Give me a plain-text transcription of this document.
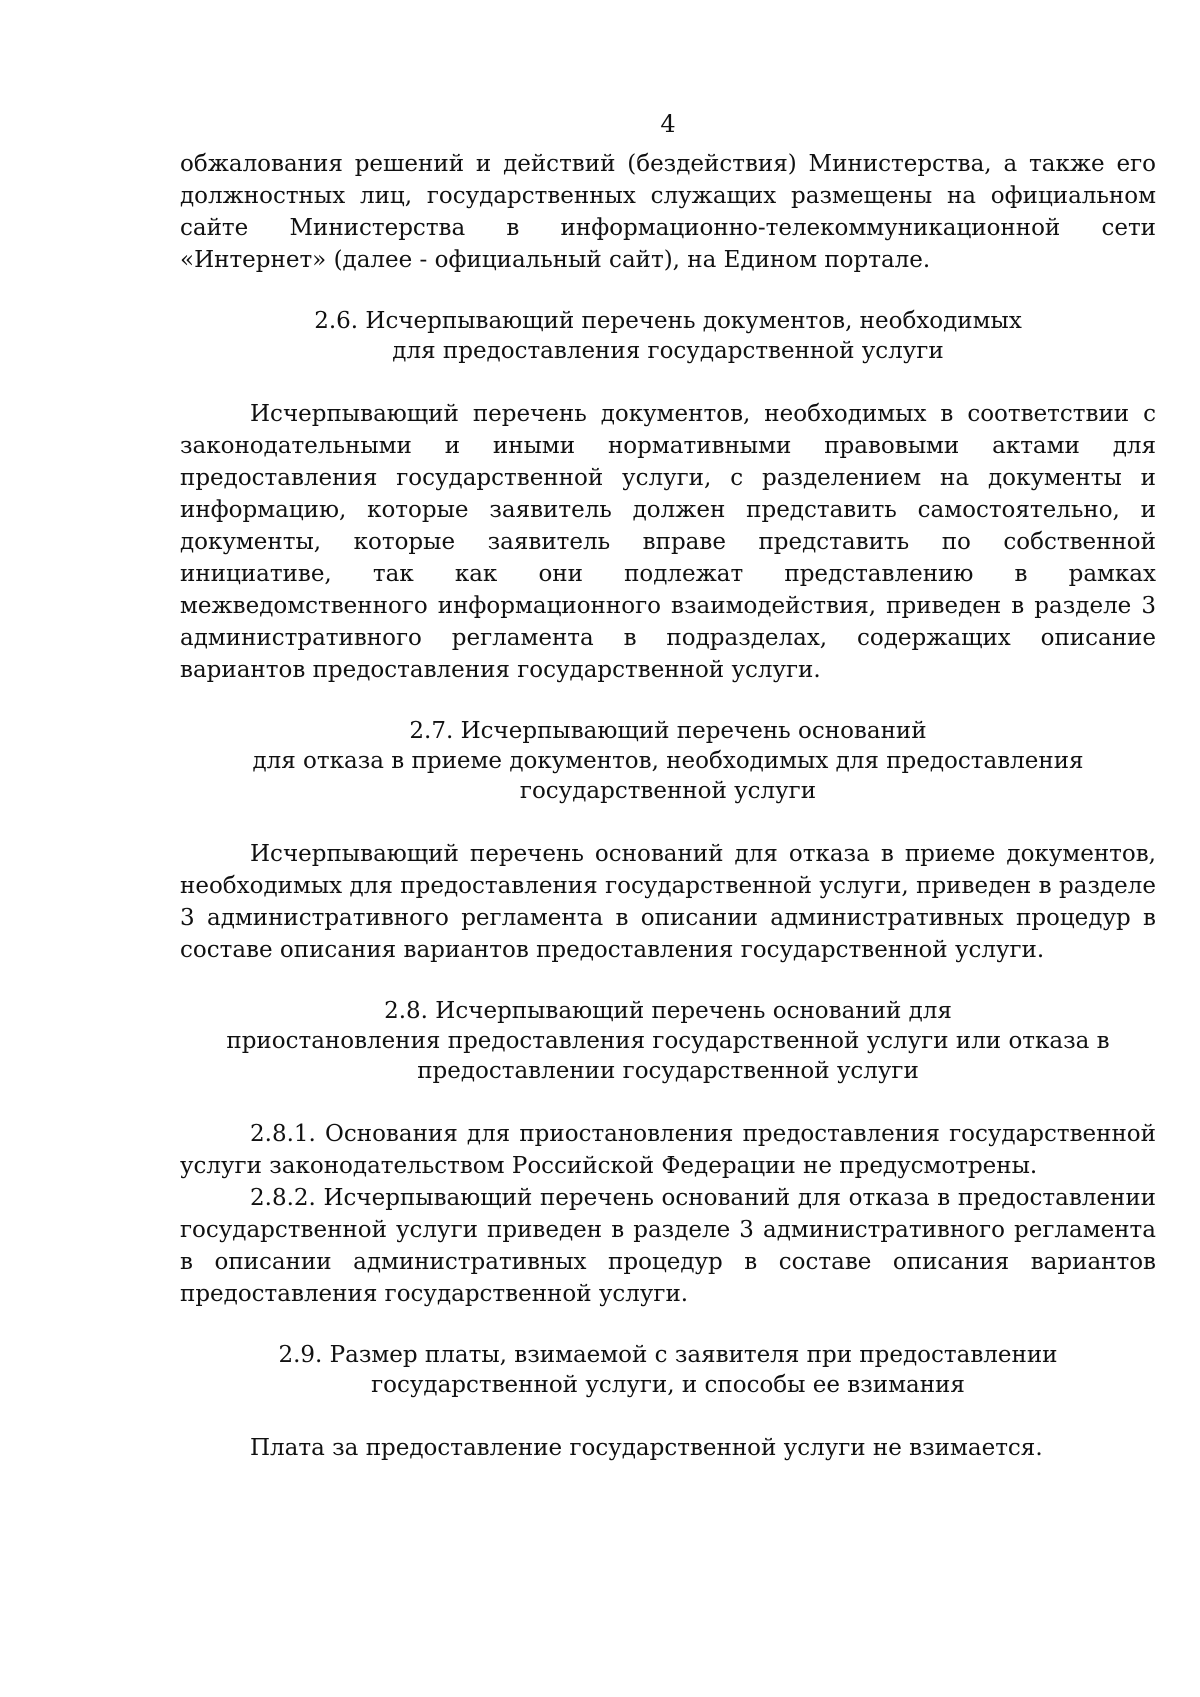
4

обжалования решений и действий (бездействия) Министерства, а также его должностных лиц, государственных служащих размещены на официальном сайте Министерства в информационно-телекоммуникационной сети «Интернет» (далее - официальный сайт), на Едином портале.

2.6. Исчерпывающий перечень документов, необходимых
для предоставления государственной услуги

Исчерпывающий перечень документов, необходимых в соответствии с законодательными и иными нормативными правовыми актами для предоставления государственной услуги, с разделением на документы и информацию, которые заявитель должен представить самостоятельно, и документы, которые заявитель вправе представить по собственной инициативе, так как они подлежат представлению в рамках межведомственного информационного взаимодействия, приведен в разделе 3 административного регламента в подразделах, содержащих описание вариантов предоставления государственной услуги.

2.7. Исчерпывающий перечень оснований
для отказа в приеме документов, необходимых для предоставления
государственной услуги

Исчерпывающий перечень оснований для отказа в приеме документов, необходимых для предоставления государственной услуги, приведен в разделе 3 административного регламента в описании административных процедур в составе описания вариантов предоставления государственной услуги.

2.8. Исчерпывающий перечень оснований для
приостановления предоставления государственной услуги или отказа в
предоставлении государственной услуги

2.8.1. Основания для приостановления предоставления государственной услуги законодательством Российской Федерации не предусмотрены.

2.8.2. Исчерпывающий перечень оснований для отказа в предоставлении государственной услуги приведен в разделе 3 административного регламента в описании административных процедур в составе описания вариантов предоставления государственной услуги.

2.9. Размер платы, взимаемой с заявителя при предоставлении
государственной услуги, и способы ее взимания

Плата за предоставление государственной услуги не взимается.
